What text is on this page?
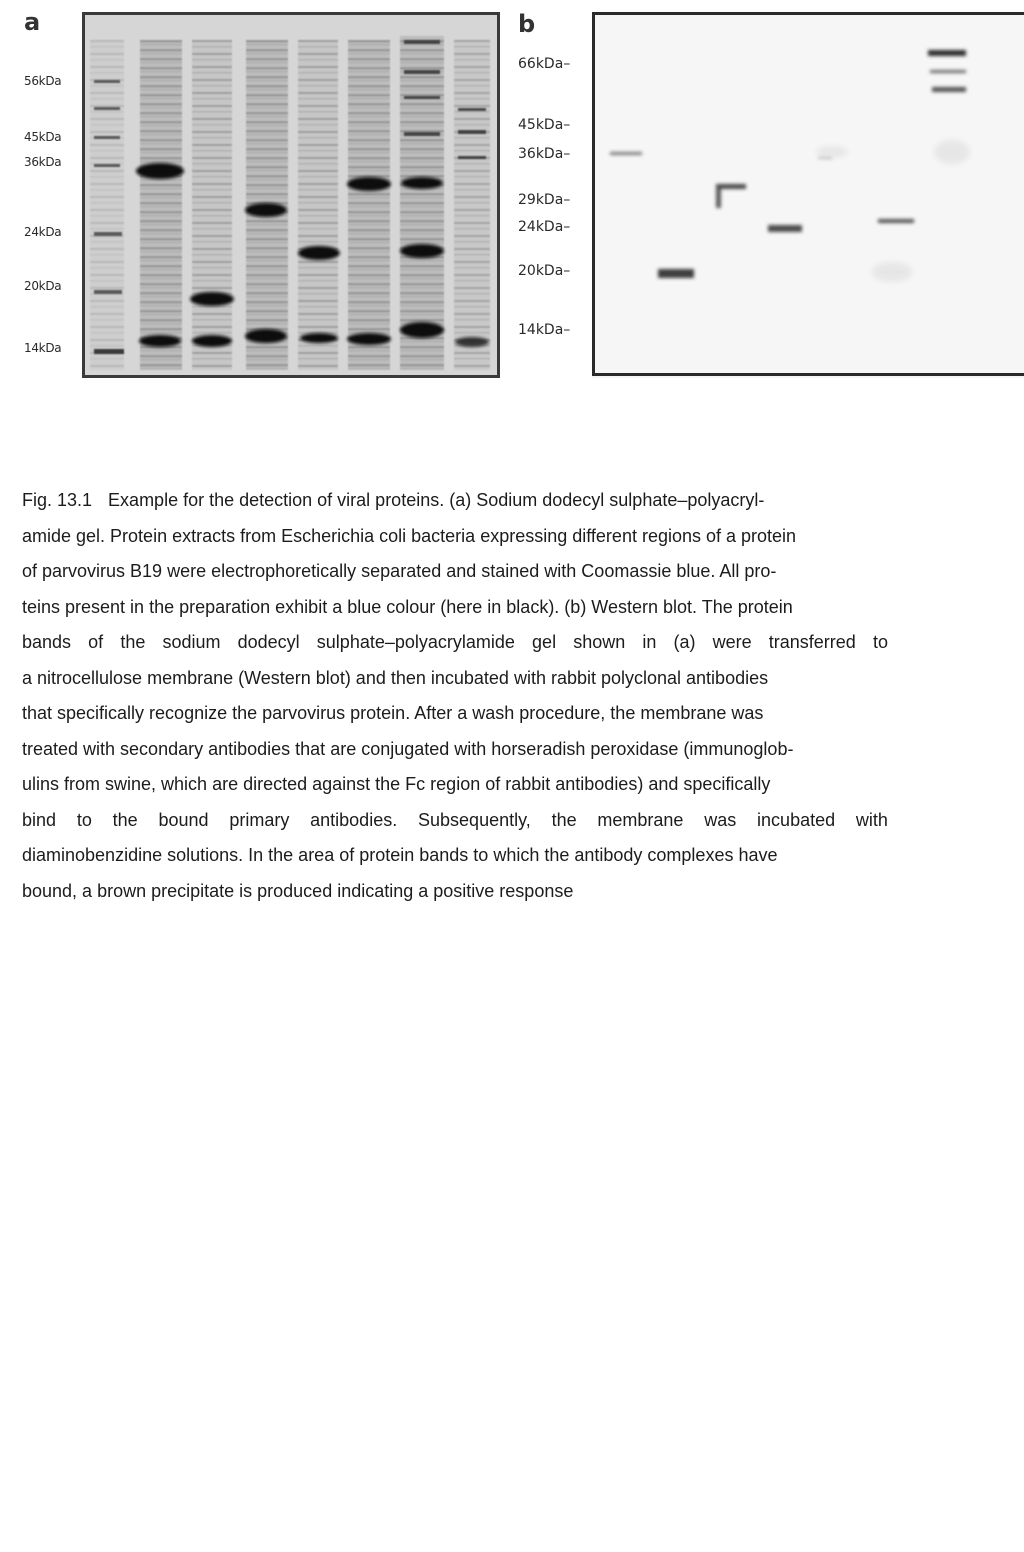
a
56kDa
45kDa
36kDa
24kDa
20kDa
14kDa
b
66kDa–
45kDa–
36kDa–
29kDa–
24kDa–
20kDa–
14kDa–
Fig. 13.1 Example for the detection of viral proteins. (a) Sodium dodecyl sulphate–polyacryl-
amide gel. Protein extracts from Escherichia coli bacteria expressing different regions of a protein
of parvovirus B19 were electrophoretically separated and stained with Coomassie blue. All pro-
teins present in the preparation exhibit a blue colour (here in black). (b) Western blot. The protein
bands of the sodium dodecyl sulphate–polyacrylamide gel shown in (a) were transferred to
a nitrocellulose membrane (Western blot) and then incubated with rabbit polyclonal antibodies
that specifically recognize the parvovirus protein. After a wash procedure, the membrane was
treated with secondary antibodies that are conjugated with horseradish peroxidase (immunoglob-
ulins from swine, which are directed against the Fc region of rabbit antibodies) and specifically
bind to the bound primary antibodies. Subsequently, the membrane was incubated with
diaminobenzidine solutions. In the area of protein bands to which the antibody complexes have
bound, a brown precipitate is produced indicating a positive response
